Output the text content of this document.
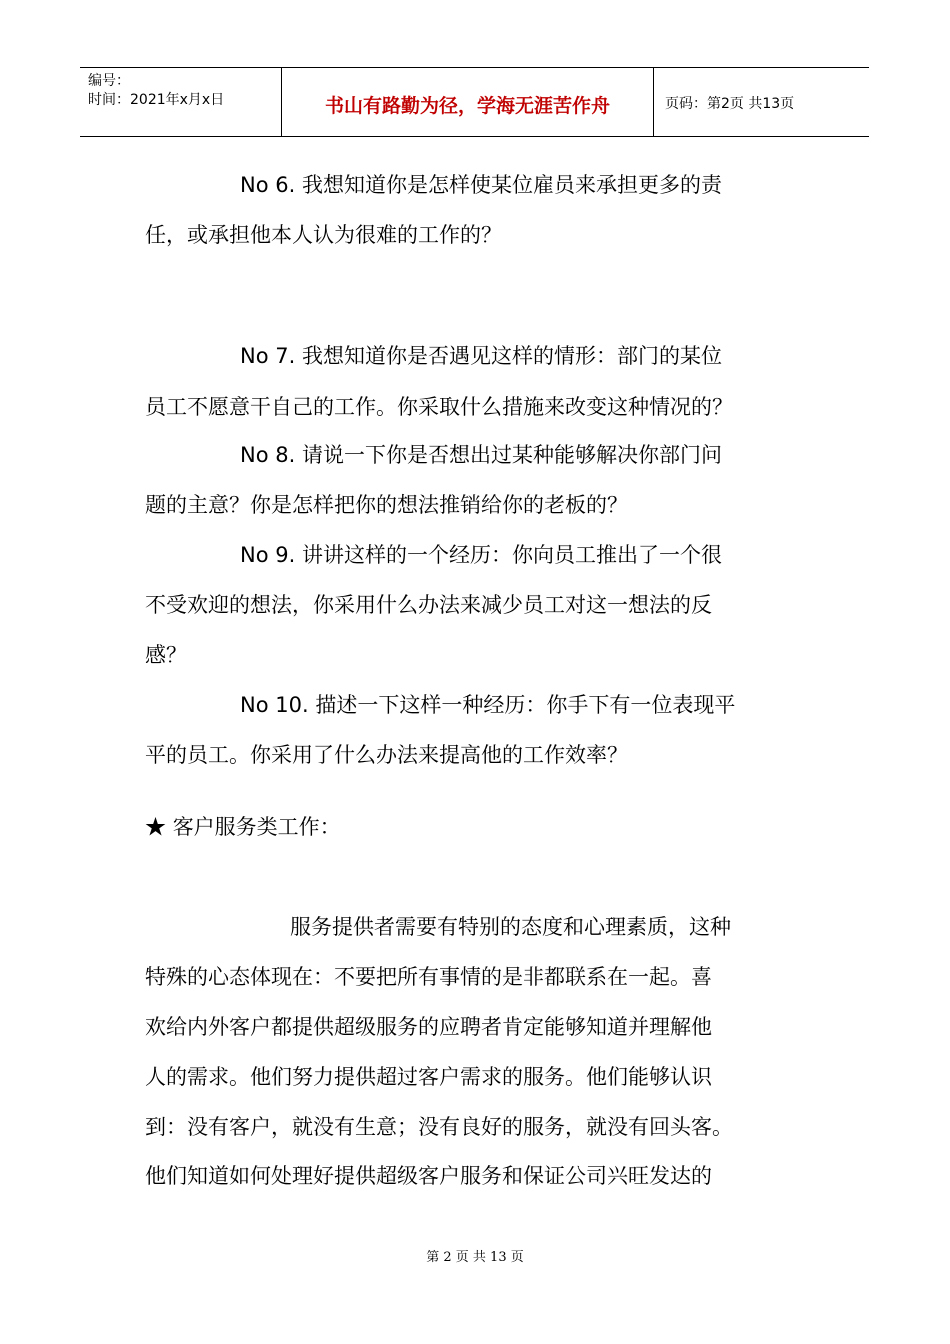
编号：
时间：2021年x月x日	书山有路勤为径，学海无涯苦作舟	页码：第2页 共13页
No 6. 我想知道你是怎样使某位雇员来承担更多的责
任，或承担他本人认为很难的工作的？
No 7. 我想知道你是否遇见这样的情形：部门的某位
员工不愿意干自己的工作。你采取什么措施来改变这种情况的？
No 8. 请说一下你是否想出过某种能够解决你部门问
题的主意？你是怎样把你的想法推销给你的老板的？
No 9. 讲讲这样的一个经历：你向员工推出了一个很
不受欢迎的想法，你采用什么办法来减少员工对这一想法的反
感？
No 10. 描述一下这样一种经历：你手下有一位表现平
平的员工。你采用了什么办法来提高他的工作效率？
★ 客户服务类工作：
服务提供者需要有特别的态度和心理素质，这种
特殊的心态体现在：不要把所有事情的是非都联系在一起。喜
欢给内外客户都提供超级服务的应聘者肯定能够知道并理解他
人的需求。他们努力提供超过客户需求的服务。他们能够认识
到：没有客户，就没有生意；没有良好的服务，就没有回头客。
他们知道如何处理好提供超级客户服务和保证公司兴旺发达的
第 2 页 共 13 页
